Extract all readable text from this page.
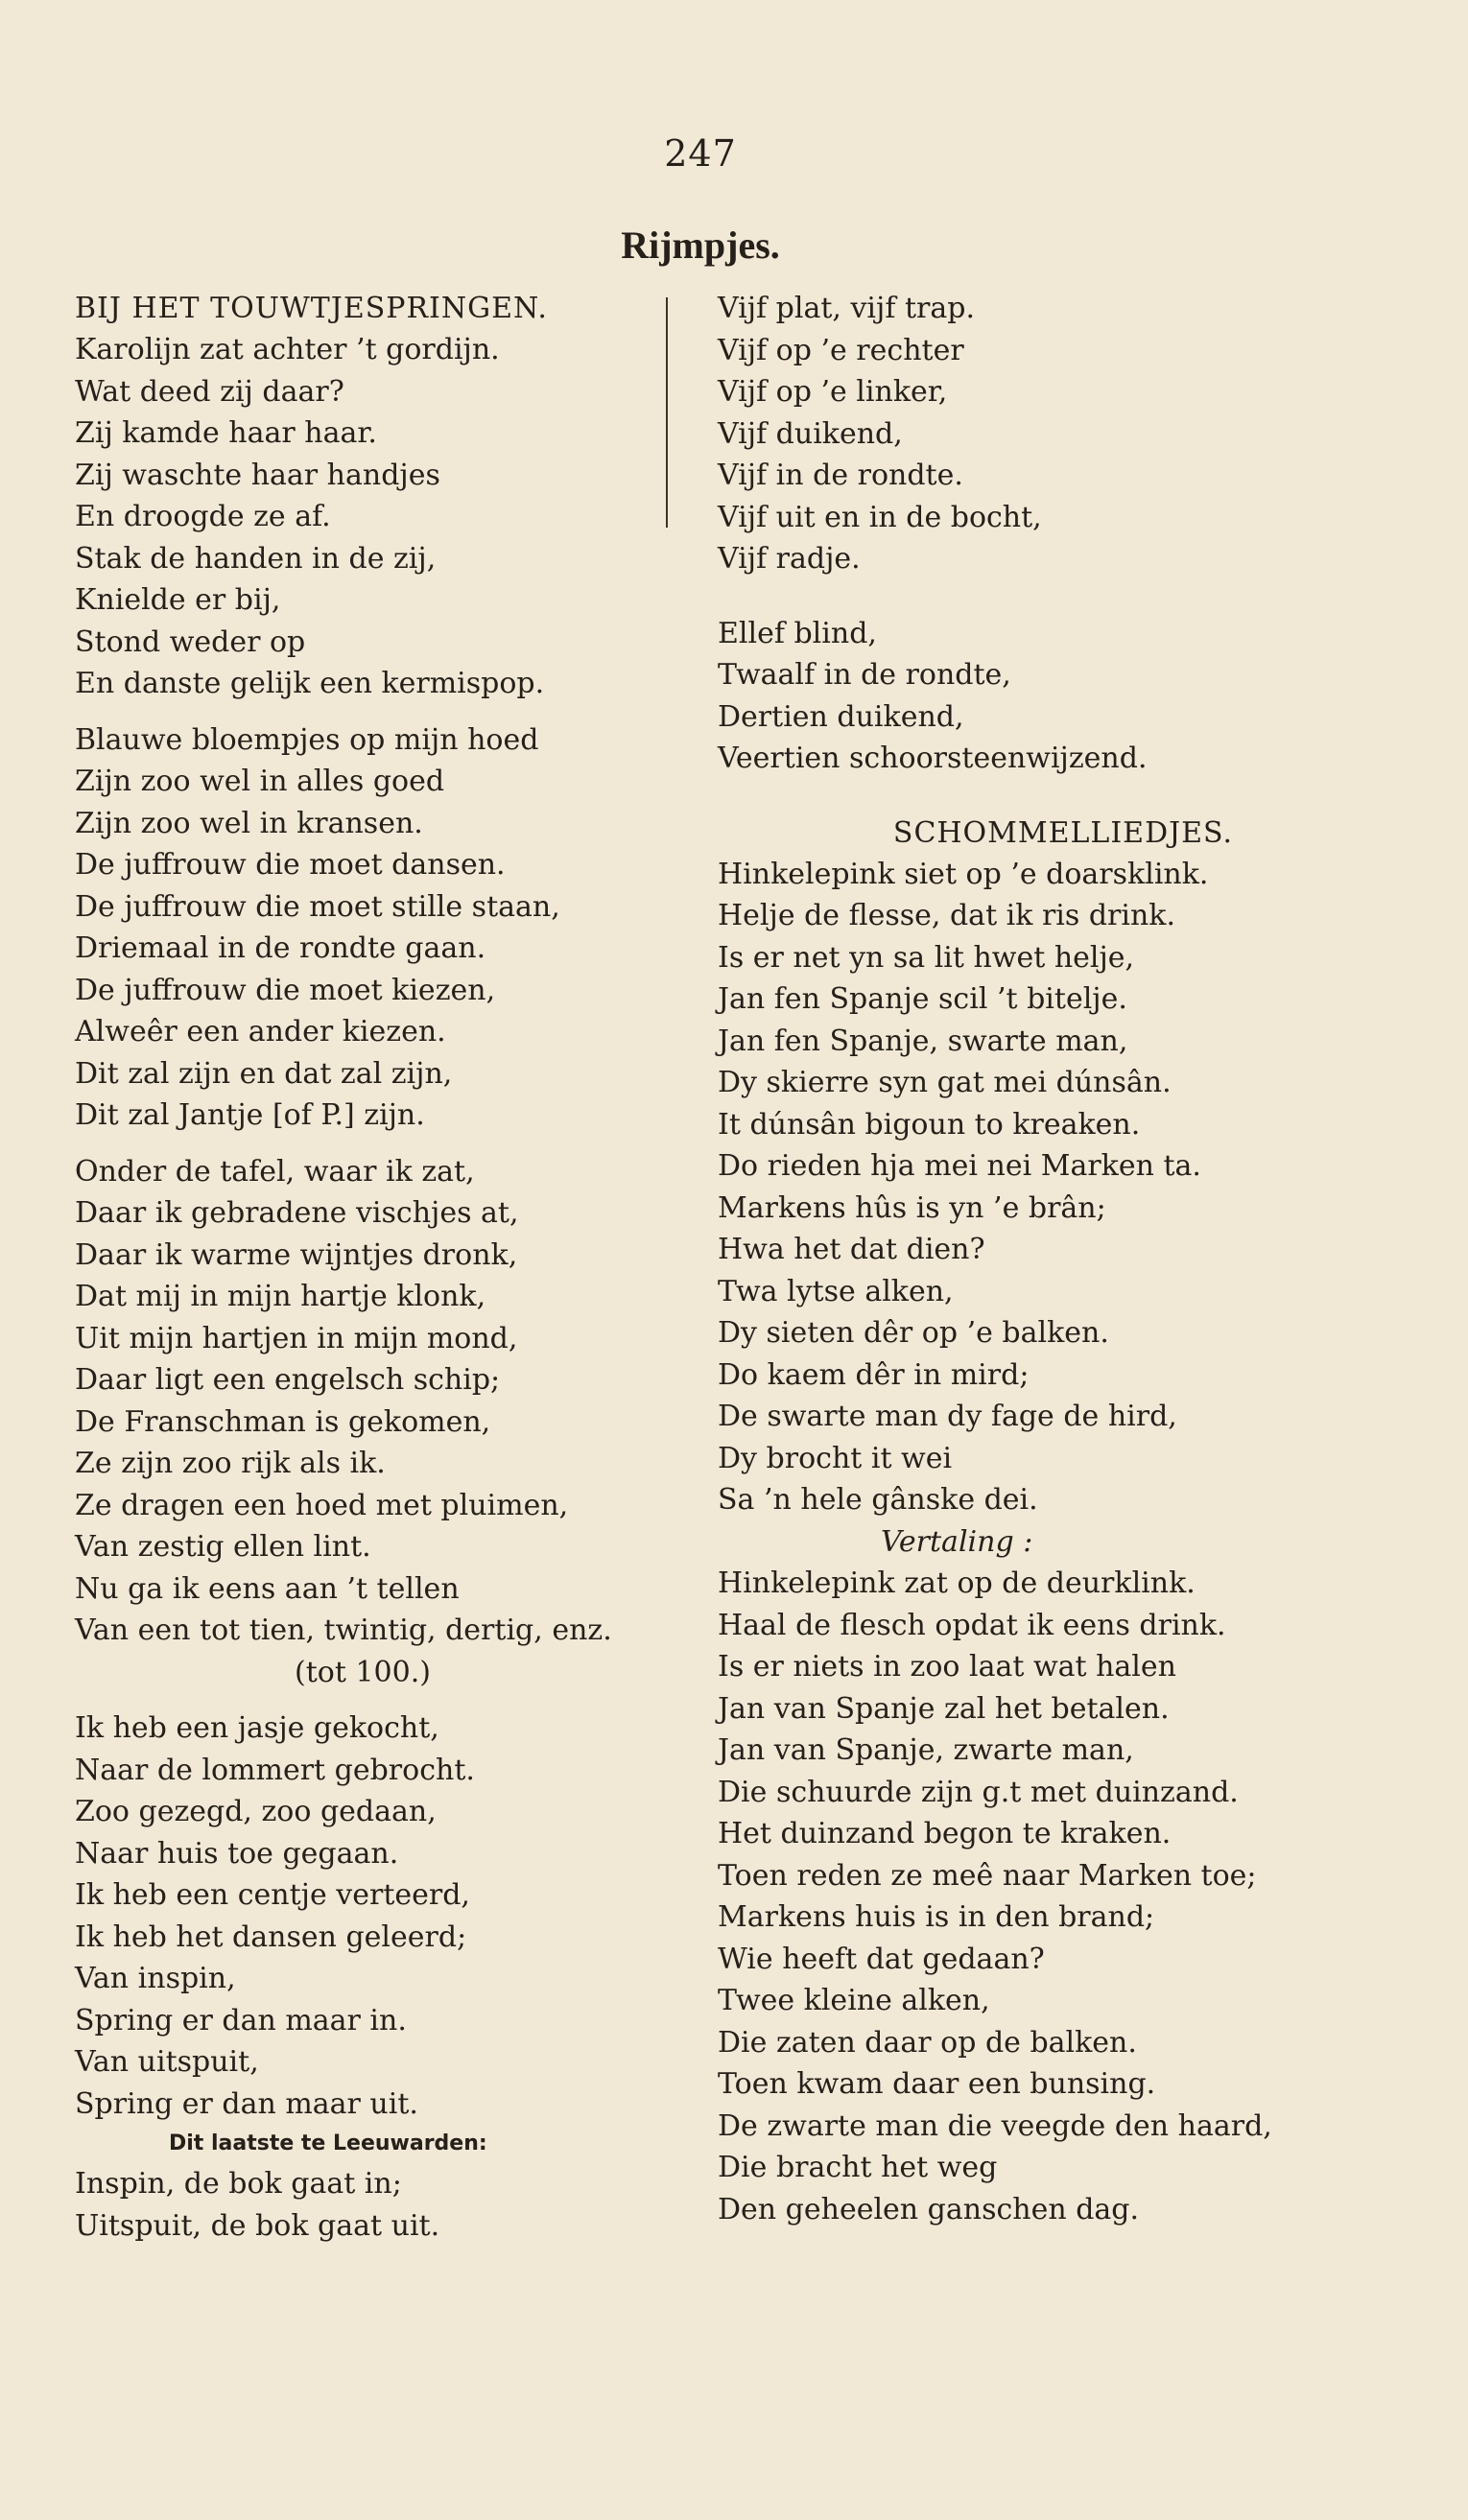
247
Rijmpjes.
BIJ HET TOUWTJESPRINGEN.
Karolijn zat achter ’t gordijn.
Wat deed zij daar?
Zij kamde haar haar.
Zij waschte haar handjes
En droogde ze af.
Stak de handen in de zij,
Knielde er bij,
Stond weder op
En danste gelijk een kermispop.
Blauwe bloempjes op mijn hoed
Zijn zoo wel in alles goed
Zijn zoo wel in kransen.
De juffrouw die moet dansen.
De juffrouw die moet stille staan,
Driemaal in de rondte gaan.
De juffrouw die moet kiezen,
Alweêr een ander kiezen.
Dit zal zijn en dat zal zijn,
Dit zal Jantje [of P.] zijn.
Onder de tafel, waar ik zat,
Daar ik gebradene vischjes at,
Daar ik warme wijntjes dronk,
Dat mij in mijn hartje klonk,
Uit mijn hartjen in mijn mond,
Daar ligt een engelsch schip;
De Franschman is gekomen,
Ze zijn zoo rijk als ik.
Ze dragen een hoed met pluimen,
Van zestig ellen lint.
Nu ga ik eens aan ’t tellen
Van een tot tien, twintig, dertig, enz.
(tot 100.)
Ik heb een jasje gekocht,
Naar de lommert gebrocht.
Zoo gezegd, zoo gedaan,
Naar huis toe gegaan.
Ik heb een centje verteerd,
Ik heb het dansen geleerd;
Van inspin,
Spring er dan maar in.
Van uitspuit,
Spring er dan maar uit.
Dit laatste te Leeuwarden:
Inspin, de bok gaat in;
Uitspuit, de bok gaat uit.
Vijf plat, vijf trap.
Vijf op ’e rechter
Vijf op ’e linker,
Vijf duikend,
Vijf in de rondte.
Vijf uit en in de bocht,
Vijf radje.
Ellef blind,
Twaalf in de rondte,
Dertien duikend,
Veertien schoorsteenwijzend.
SCHOMMELLIEDJES.
Hinkelepink siet op ’e doarsklink.
Helje de flesse, dat ik ris drink.
Is er net yn sa lit hwet helje,
Jan fen Spanje scil ’t bitelje.
Jan fen Spanje, swarte man,
Dy skierre syn gat mei dúnsân.
It dúnsân bigoun to kreaken.
Do rieden hja mei nei Marken ta.
Markens hûs is yn ’e brân;
Hwa het dat dien?
Twa lytse alken,
Dy sieten dêr op ’e balken.
Do kaem dêr in mird;
De swarte man dy fage de hird,
Dy brocht it wei
Sa ’n hele gânske dei.
Vertaling :
Hinkelepink zat op de deurklink.
Haal de flesch opdat ik eens drink.
Is er niets in zoo laat wat halen
Jan van Spanje zal het betalen.
Jan van Spanje, zwarte man,
Die schuurde zijn g.t met duinzand.
Het duinzand begon te kraken.
Toen reden ze meê naar Marken toe;
Markens huis is in den brand;
Wie heeft dat gedaan?
Twee kleine alken,
Die zaten daar op de balken.
Toen kwam daar een bunsing.
De zwarte man die veegde den haard,
Die bracht het weg
Den geheelen ganschen dag.
